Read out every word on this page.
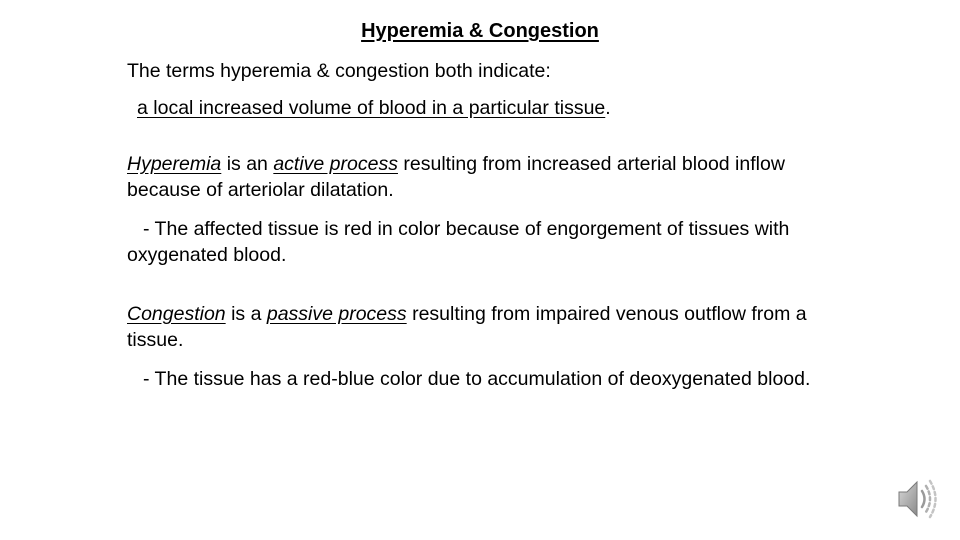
Hyperemia & Congestion
The terms hyperemia & congestion both indicate:
a local increased volume of blood in a particular tissue.
Hyperemia is an active process resulting from increased arterial blood inflow because of arteriolar dilatation.
- The affected tissue is red in color because of engorgement of tissues with oxygenated blood.
Congestion is a passive process resulting from impaired venous outflow from a tissue.
- The tissue has a red-blue color due to accumulation of deoxygenated blood.
